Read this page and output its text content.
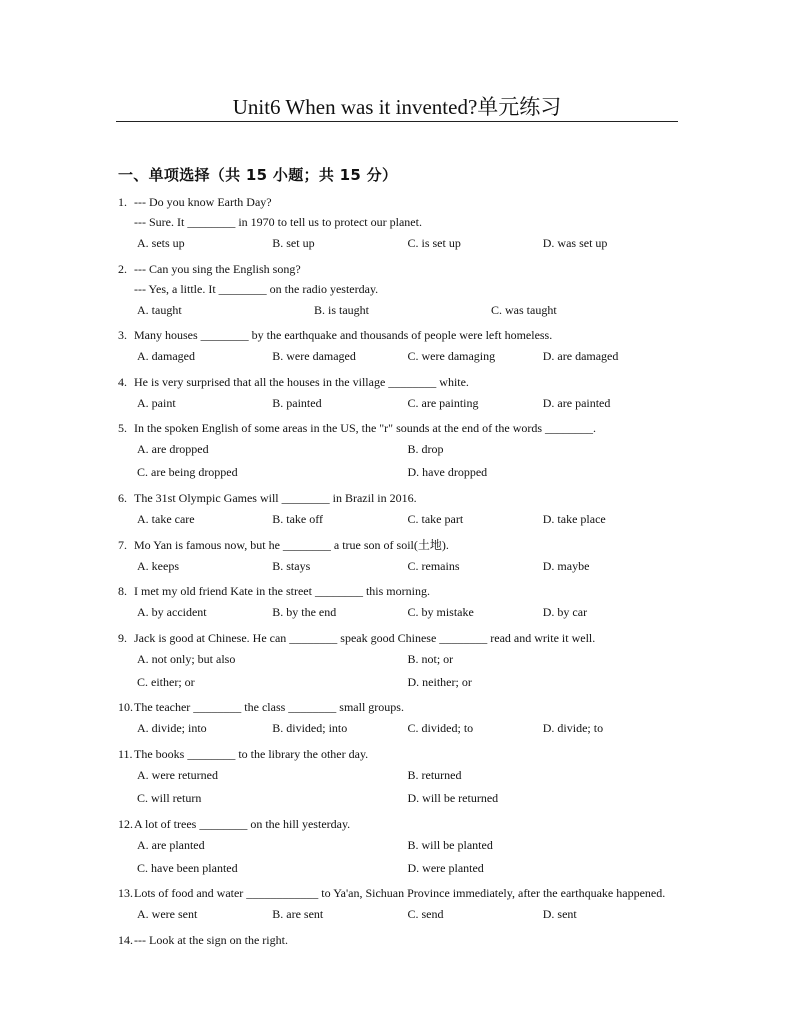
Unit6 When was it invented?单元练习
一、单项选择（共 15 小题；共 15 分）
1. --- Do you know Earth Day?
--- Sure. It ________ in 1970 to tell us to protect our planet.
A. sets up	B. set up	C. is set up	D. was set up
2. --- Can you sing the English song?
--- Yes, a little. It ________ on the radio yesterday.
A. taught	B. is taught	C. was taught
3. Many houses ________ by the earthquake and thousands of people were left homeless.
A. damaged	B. were damaged	C. were damaging	D. are damaged
4. He is very surprised that all the houses in the village ________ white.
A. paint	B. painted	C. are painting	D. are painted
5. In the spoken English of some areas in the US, the "r" sounds at the end of the words ________.
A. are dropped	B. drop
C. are being dropped	D. have dropped
6. The 31st Olympic Games will ________ in Brazil in 2016.
A. take care	B. take off	C. take part	D. take place
7. Mo Yan is famous now, but he ________ a true son of soil(土地).
A. keeps	B. stays	C. remains	D. maybe
8. I met my old friend Kate in the street ________ this morning.
A. by accident	B. by the end	C. by mistake	D. by car
9. Jack is good at Chinese. He can ________ speak good Chinese ________ read and write it well.
A. not only; but also	B. not; or
C. either; or	D. neither; or
10. The teacher ________ the class ________ small groups.
A. divide; into	B. divided; into	C. divided; to	D. divide; to
11. The books ________ to the library the other day.
A. were returned	B. returned
C. will return	D. will be returned
12. A lot of trees ________ on the hill yesterday.
A. are planted	B. will be planted
C. have been planted	D. were planted
13. Lots of food and water ____________ to Ya'an, Sichuan Province immediately, after the earthquake happened.
A. were sent	B. are sent	C. send	D. sent
14. --- Look at the sign on the right.
